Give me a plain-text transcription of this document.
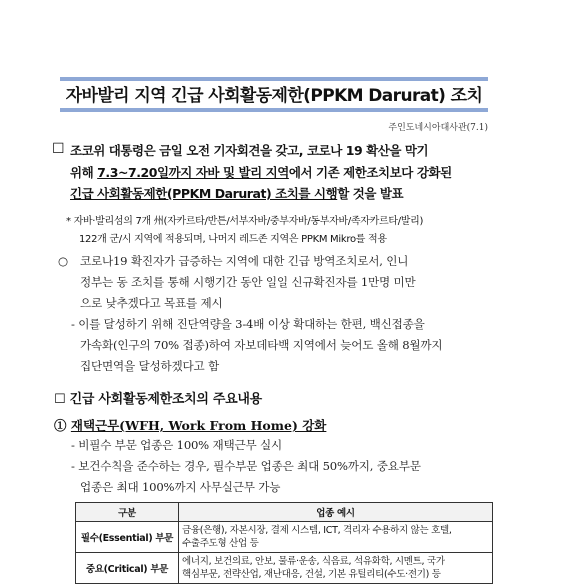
자바발리 지역 긴급 사회활동제한(PPKM Darurat) 조치
주인도네시아대사관(7.1)
☐ 조코위 대통령은 금일 오전 기자회견을 갖고, 코로나 19 확산을 막기
위해 7.3~7.20일까지 자바 및 발리 지역에서 기존 제한조치보다 강화된
긴급 사회활동제한(PPKM Darurat) 조치를 시행할 것을 발표
* 자바·발리섬의 7개 州(자카르타/반튼/서부자바/중부자바/동부자바/족자카르타/발리)
122개 군/시 지역에 적용되며, 나머지 레드존 지역은 PPKM Mikro를 적용
○ 코로나19 확진자가 급증하는 지역에 대한 긴급 방역조치로서, 인니
정부는 동 조치를 통해 시행기간 동안 일일 신규확진자를 1만명 미만
으로 낮추겠다고 목표를 제시
- 이를 달성하기 위해 진단역량을 3-4배 이상 확대하는 한편, 백신접종을
가속화(인구의 70% 접종)하여 자보데타백 지역에서 늦어도 올해 8월까지
집단면역을 달성하겠다고 함
☐ 긴급 사회활동제한조치의 주요내용
① 재택근무(WFH, Work From Home) 강화
- 비필수 부문 업종은 100% 재택근무 실시
- 보건수칙을 준수하는 경우, 필수부문 업종은 최대 50%까지, 중요부문
업종은 최대 100%까지 사무실근무 가능
구분	업종 예시
필수(Essential) 부문	금융(은행), 자본시장, 결제 시스템, ICT, 격리자 수용하지 않는 호텔,
수출주도형 산업 등
중요(Critical) 부문	에너지, 보건의료, 안보, 물류·운송, 식음료, 석유화학, 시멘트, 국가
핵심부문, 전략산업, 재난대응, 건설, 기본 유틸리티(수도·전기) 등
